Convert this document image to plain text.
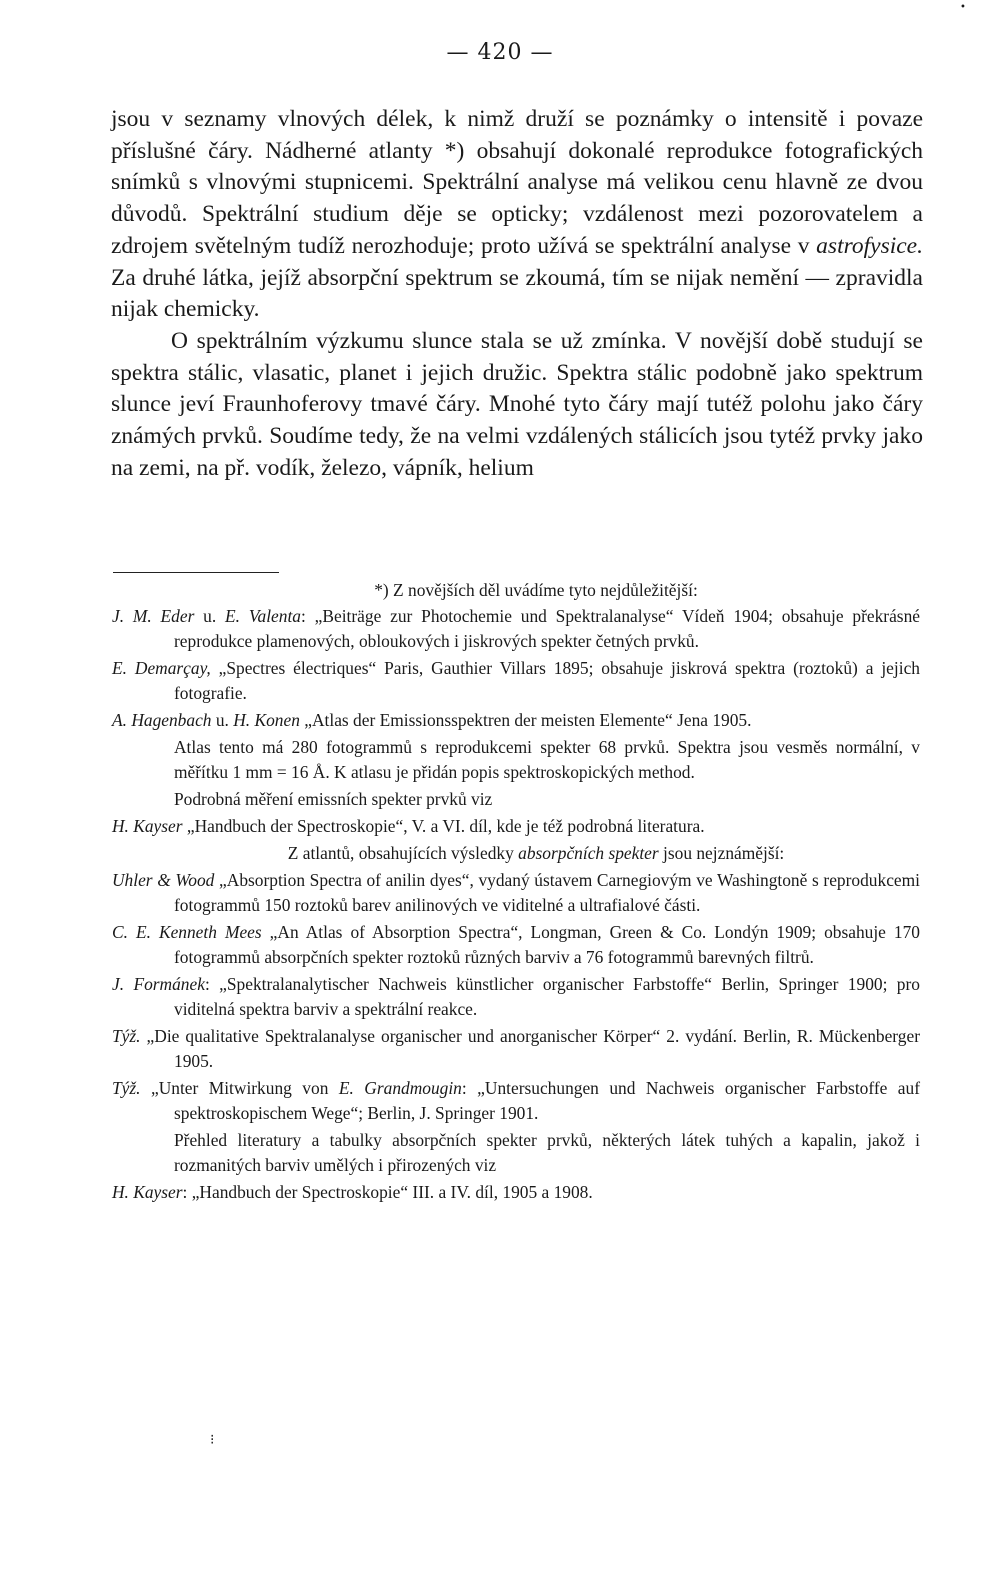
•
— 420 —

jsou v seznamy vlnových délek, k nimž druží se poznámky o intensitě i povaze příslušné čáry. Nádherné atlanty *) obsahují dokonalé reprodukce fotografických snímků s vlnovými stupnicemi. Spektrální analyse má velikou cenu hlavně ze dvou důvodů. Spektrální studium děje se opticky; vzdálenost mezi pozorovatelem a zdrojem světelným tudíž nerozhoduje; proto užívá se spektrální analyse v astrofysice. Za druhé látka, jejíž absorpční spektrum se zkoumá, tím se nijak nemění — zpravidla nijak chemicky.

O spektrálním výzkumu slunce stala se už zmínka. V novější době studují se spektra stálic, vlasatic, planet i jejich družic. Spektra stálic podobně jako spektrum slunce jeví Fraunhoferovy tmavé čáry. Mnohé tyto čáry mají tutéž polohu jako čáry známých prvků. Soudíme tedy, že na velmi vzdálených stálicích jsou tytéž prvky jako na zemi, na př. vodík, železo, vápník, helium

*) Z novějších děl uvádíme tyto nejdůležitější:

J. M. Eder u. E. Valenta: „Beiträge zur Photochemie und Spektralanalyse“ Vídeň 1904; obsahuje překrásné reprodukce plamenových, obloukových i jiskrových spekter četných prvků.

E. Demarçay, „Spectres électriques“ Paris, Gauthier Villars 1895; obsahuje jiskrová spektra (roztoků) a jejich fotografie.

A. Hagenbach u. H. Konen „Atlas der Emissionsspektren der meisten Elemente“ Jena 1905.

Atlas tento má 280 fotogrammů s reprodukcemi spekter 68 prvků. Spektra jsou vesměs normální, v měřítku 1 mm = 16 Å. K atlasu je přidán popis spektroskopických method.

Podrobná měření emissních spekter prvků viz

H. Kayser „Handbuch der Spectroskopie“, V. a VI. díl, kde je též podrobná literatura.

Z atlantů, obsahujících výsledky absorpčních spekter jsou nejznámější:

Uhler & Wood „Absorption Spectra of anilin dyes“, vydaný ústavem Carnegiovým ve Washingtoně s reprodukcemi fotogrammů 150 roztoků barev anilinových ve viditelné a ultrafialové části.

C. E. Kenneth Mees „An Atlas of Absorption Spectra“, Longman, Green & Co. Londýn 1909; obsahuje 170 fotogrammů absorpčních spekter roztoků různých barviv a 76 fotogrammů barevných filtrů.

J. Formánek: „Spektralanalytischer Nachweis künstlicher organischer Farbstoffe“ Berlin, Springer 1900; pro viditelná spektra barviv a spektrální reakce.

Týž. „Die qualitative Spektralanalyse organischer und anorganischer Körper“ 2. vydání. Berlin, R. Mückenberger 1905.

Týž. „Unter Mitwirkung von E. Grandmougin: „Untersuchungen und Nachweis organischer Farbstoffe auf spektroskopischem Wege“; Berlin, J. Springer 1901.

Přehled literatury a tabulky absorpčních spekter prvků, některých látek tuhých a kapalin, jakož i rozmanitých barviv umělých i přirozených viz

H. Kayser: „Handbuch der Spectroskopie“ III. a IV. díl, 1905 a 1908.

⁝
